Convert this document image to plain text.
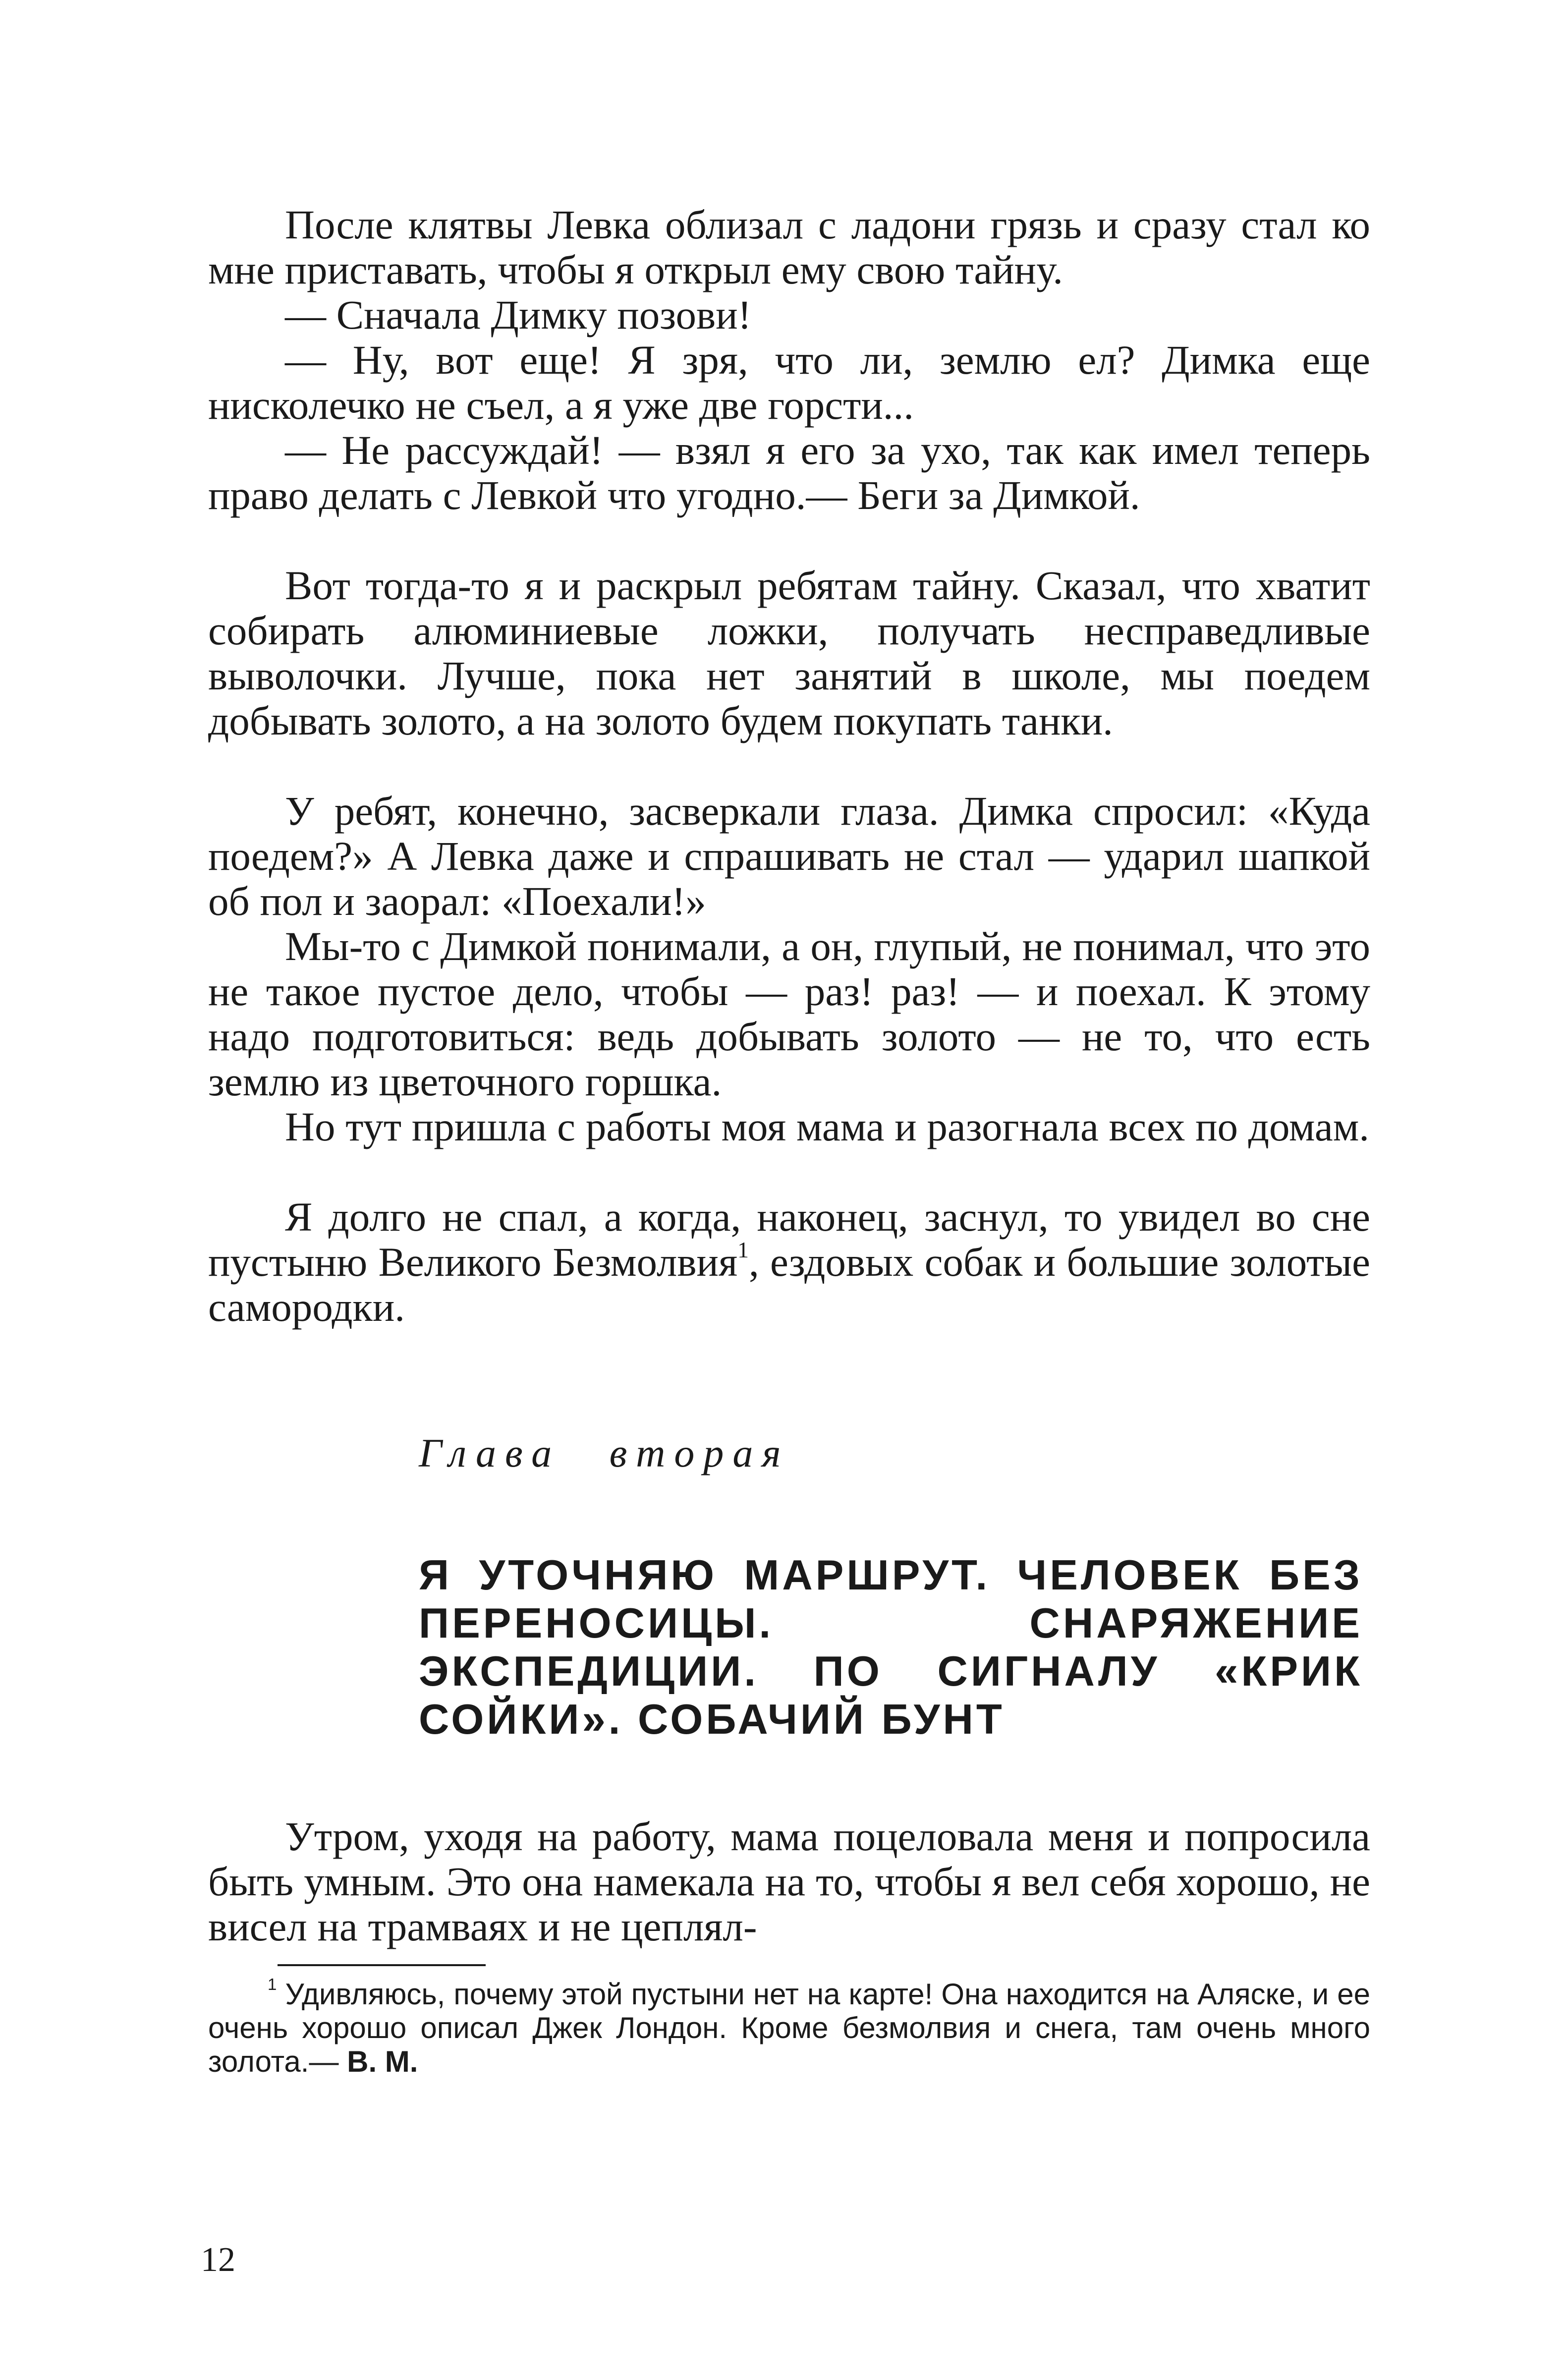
После клятвы Левка облизал с ладони грязь и сразу стал ко мне приставать, чтобы я открыл ему свою тайну.

— Сначала Димку позови!

— Ну, вот еще! Я зря, что ли, землю ел? Димка еще нисколечко не съел, а я уже две горсти...

— Не рассуждай! — взял я его за ухо, так как имел теперь право делать с Левкой что угодно.— Беги за Димкой.

Вот тогда-то я и раскрыл ребятам тайну. Сказал, что хватит собирать алюминиевые ложки, получать несправедливые выволочки. Лучше, пока нет занятий в школе, мы поедем добывать золото, а на золото будем покупать танки.

У ребят, конечно, засверкали глаза. Димка спросил: «Куда поедем?» А Левка даже и спрашивать не стал — ударил шапкой об пол и заорал: «Поехали!»

Мы-то с Димкой понимали, а он, глупый, не понимал, что это не такое пустое дело, чтобы — раз! раз! — и поехал. К этому надо подготовиться: ведь добывать золото — не то, что есть землю из цветочного горшка.

Но тут пришла с работы моя мама и разогнала всех по домам.

Я долго не спал, а когда, наконец, заснул, то увидел во сне пустыню Великого Безмолвия$^1$, ездовых собак и большие золотые самородки.

Глава вторая

Я УТОЧНЯЮ МАРШРУТ. ЧЕЛОВЕК БЕЗ ПЕРЕНОСИЦЫ. СНАРЯЖЕНИЕ ЭКСПЕДИЦИИ. ПО СИГНАЛУ «КРИК СОЙКИ». СОБАЧИЙ БУНТ

Утром, уходя на работу, мама поцеловала меня и попросила быть умным. Это она намекала на то, чтобы я вел себя хорошо, не висел на трамваях и не цеплял-

$^1$ Удивляюсь, почему этой пустыни нет на карте! Она находится на Аляске, и ее очень хорошо описал Джек Лондон. Кроме безмолвия и снега, там очень много золота.— В. М.

12
